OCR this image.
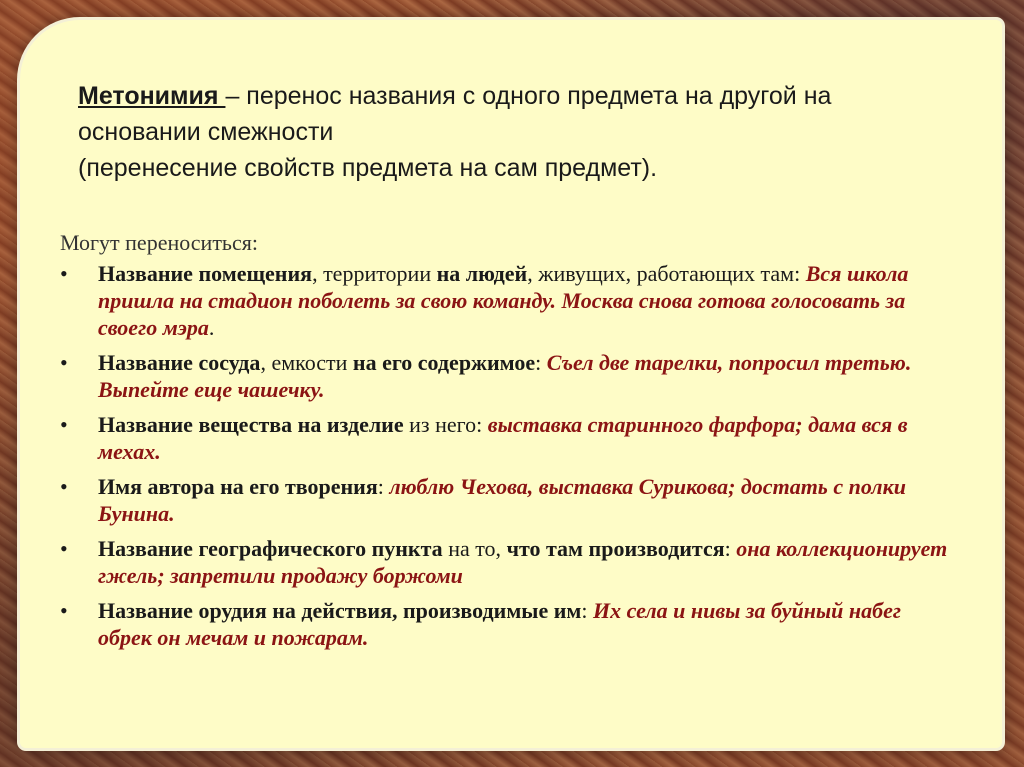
Метонимия – перенос названия с одного предмета на другой на
основании смежности
(перенесение свойств предмета на сам предмет).
Могут переноситься:
• Название помещения, территории на людей, живущих, работающих там: Вся школа пришла на стадион поболеть за свою команду. Москва снова готова голосовать за своего мэра.
• Название сосуда, емкости на его содержимое: Съел две тарелки, попросил третью. Выпейте еще чашечку.
• Название вещества на изделие из него: выставка старинного фарфора; дама вся в мехах.
• Имя автора на его творения: люблю Чехова, выставка Сурикова; достать с полки Бунина.
• Название географического пункта на то, что там производится: она коллекционирует гжель; запретили продажу боржоми
• Название орудия на действия, производимые им: Их села и нивы за буйный набег обрек он мечам и пожарам.
